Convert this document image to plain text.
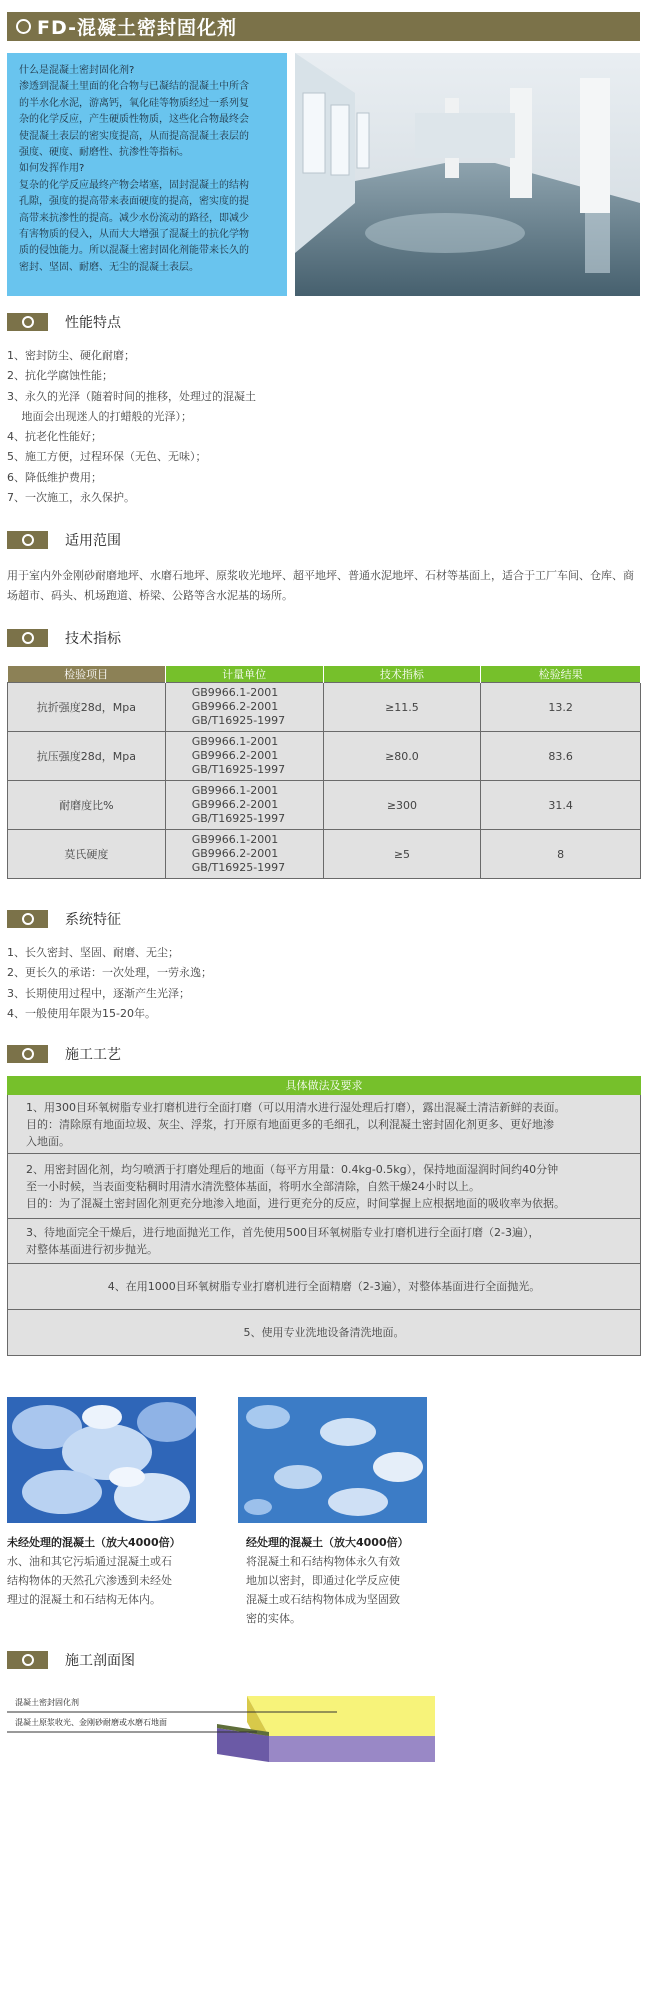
FD-混凝土密封固化剂

什么是混凝土密封固化剂?

渗透到混凝土里面的化合物与已凝结的混凝土中所含

的半水化水泥，游离钙，氧化硅等物质经过一系列复

杂的化学反应，产生硬质性物质，这些化合物最终会

使混凝土表层的密实度提高，从而提高混凝土表层的

强度、硬度、耐磨性、抗渗性等指标。

如何发挥作用?

复杂的化学反应最终产物会堵塞，固封混凝土的结构

孔隙，强度的提高带来表面硬度的提高，密实度的提

高带来抗渗性的提高。减少水份流动的路径，即减少

有害物质的侵入，从而大大增强了混凝土的抗化学物

质的侵蚀能力。所以混凝土密封固化剂能带来长久的

密封、坚固、耐磨、无尘的混凝土表层。

性能特点
1、密封防尘、硬化耐磨；
2、抗化学腐蚀性能；
3、永久的光泽（随着时间的推移，处理过的混凝土
　 地面会出现迷人的打蜡般的光泽）；
4、抗老化性能好；
5、施工方便，过程环保（无色、无味）；
6、降低维护费用；
7、一次施工，永久保护。
适用范围
用于室内外金刚砂耐磨地坪、水磨石地坪、原浆收光地坪、超平地坪、普通水泥地坪、石材等基面上，适合于工厂车间、仓库、商场超市、码头、机场跑道、桥梁、公路等含水泥基的场所。
技术指标
检验项目	计量单位	技术指标	检验结果
抗折强度28d，Mpa	GB9966.1-2001
GB9966.2-2001
GB/T16925-1997	≥11.5	13.2
抗压强度28d，Mpa	GB9966.1-2001
GB9966.2-2001
GB/T16925-1997	≥80.0	83.6
耐磨度比%	GB9966.1-2001
GB9966.2-2001
GB/T16925-1997	≥300	31.4
莫氏硬度	GB9966.1-2001
GB9966.2-2001
GB/T16925-1997	≥5	8
系统特征
1、长久密封、坚固、耐磨、无尘；
2、更长久的承诺：一次处理，一劳永逸；
3、长期使用过程中，逐渐产生光泽；
4、一般使用年限为15-20年。
施工工艺
具体做法及要求
1、用300目环氧树脂专业打磨机进行全面打磨（可以用清水进行湿处理后打磨），露出混凝土清洁新鲜的表面。
目的：清除原有地面垃圾、灰尘、浮浆，打开原有地面更多的毛细孔，以利混凝土密封固化剂更多、更好地渗
入地面。
2、用密封固化剂，均匀喷洒于打磨处理后的地面（每平方用量：0.4kg-0.5kg），保持地面湿润时间约40分钟
至一小时候，当表面变粘稠时用清水清洗整体基面，将明水全部清除，自然干燥24小时以上。
目的：为了混凝土密封固化剂更充分地渗入地面，进行更充分的反应，时间掌握上应根据地面的吸收率为依据。
3、待地面完全干燥后，进行地面抛光工作，首先使用500目环氧树脂专业打磨机进行全面打磨（2-3遍），
对整体基面进行初步抛光。
4、在用1000目环氧树脂专业打磨机进行全面精磨（2-3遍），对整体基面进行全面抛光。
5、使用专业洗地设备清洗地面。
未经处理的混凝土（放大4000倍）
水、油和其它污垢通过混凝土或石
结构物体的天然孔穴渗透到未经处
理过的混凝土和石结构无体内。
经处理的混凝土（放大4000倍）
将混凝土和石结构物体永久有效
地加以密封，即通过化学反应使
混凝土或石结构物体成为坚固致
密的实体。
施工剖面图
混凝土密封固化剂
混凝土原浆收光、金刚砂耐磨或水磨石地面
